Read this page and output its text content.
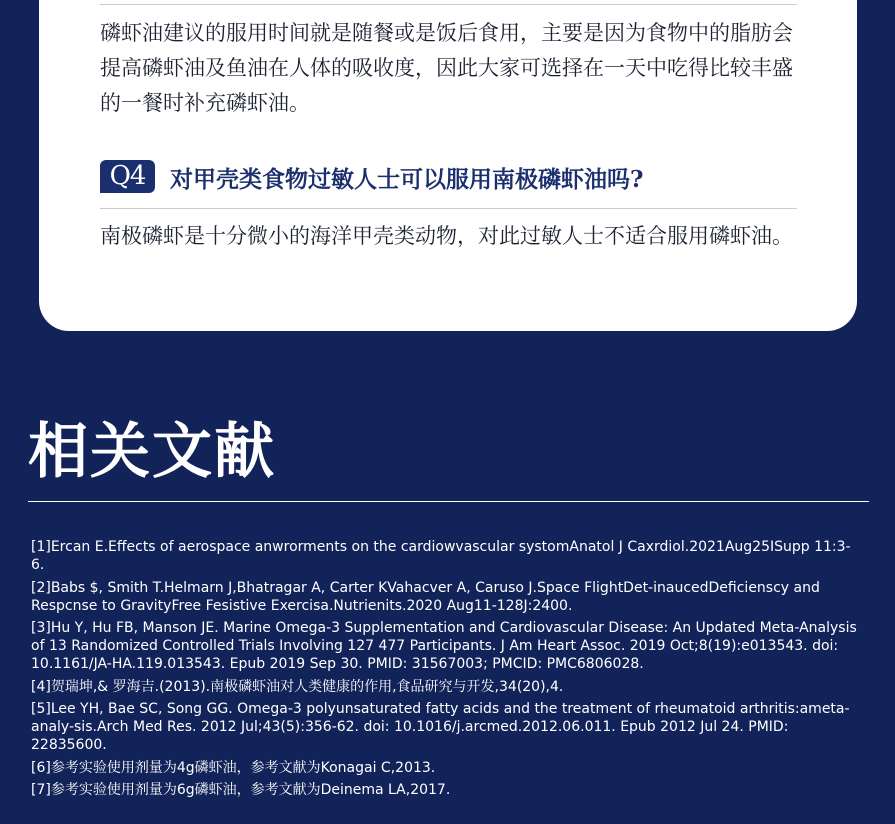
磷虾油建议的服用时间就是随餐或是饭后食用，主要是因为食物中的脂肪会提高磷虾油及鱼油在人体的吸收度，因此大家可选择在一天中吃得比较丰盛的一餐时补充磷虾油。

Q4	对甲壳类食物过敏人士可以服用南极磷虾油吗?

南极磷虾是十分微小的海洋甲壳类动物，对此过敏人士不适合服用磷虾油。

相关文献
[1]Ercan E.Effects of aerospace anwrorments on the cardiowvascular systomAnatol J Caxrdiol.2021Aug25ISupp 11:3-6.
[2]Babs $, Smith T.Helmarn J,Bhatragar A, Carter KVahacver A, Caruso J.Space FlightDet-inaucedDeficienscy and Respcnse to GravityFree Fesistive Exercisa.Nutrienits.2020 Aug11-128J:2400.
[3]Hu Y, Hu FB, Manson JE. Marine Omega-3 Supplementation and Cardiovascular Disease: An Updated Meta-Analysis of 13 Randomized Controlled Trials Involving 127 477 Participants. J Am Heart Assoc. 2019 Oct;8(19):e013543. doi: 10.1161/JA-HA.119.013543. Epub 2019 Sep 30. PMID: 31567003; PMCID: PMC6806028.
[4]贺瑞坤,& 罗海吉.(2013).南极磷虾油对人类健康的作用,食品研究与开发,34(20),4.
[5]Lee YH, Bae SC, Song GG. Omega-3 polyunsaturated fatty acids and the treatment of rheumatoid arthritis:ameta-analy-sis.Arch Med Res. 2012 Jul;43(5):356-62. doi: 10.1016/j.arcmed.2012.06.011. Epub 2012 Jul 24. PMID: 22835600.
[6]参考实验使用剂量为4g磷虾油，参考文献为Konagai C,2013.
[7]参考实验使用剂量为6g磷虾油，参考文献为Deinema LA,2017.
